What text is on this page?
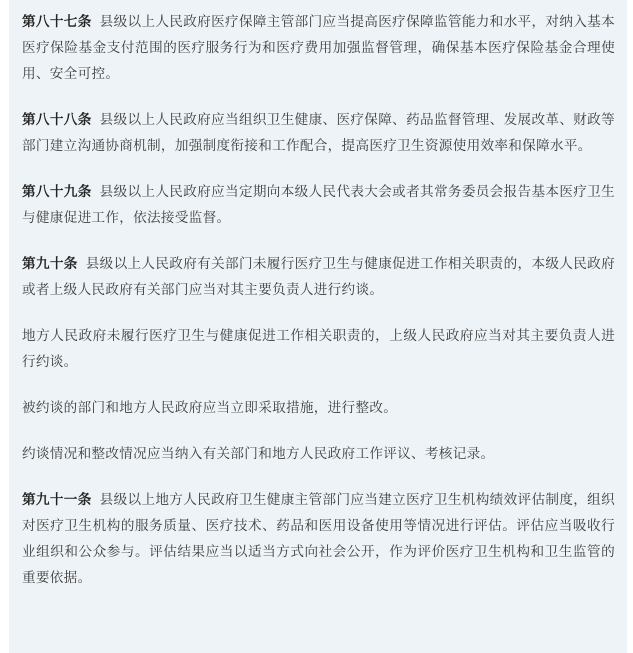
第八十七条 县级以上人民政府医疗保障主管部门应当提高医疗保障监管能力和水平，对纳入基本医疗保险基金支付范围的医疗服务行为和医疗费用加强监督管理，确保基本医疗保险基金合理使用、安全可控。

第八十八条 县级以上人民政府应当组织卫生健康、医疗保障、药品监督管理、发展改革、财政等部门建立沟通协商机制，加强制度衔接和工作配合，提高医疗卫生资源使用效率和保障水平。

第八十九条 县级以上人民政府应当定期向本级人民代表大会或者其常务委员会报告基本医疗卫生与健康促进工作，依法接受监督。

第九十条 县级以上人民政府有关部门未履行医疗卫生与健康促进工作相关职责的，本级人民政府或者上级人民政府有关部门应当对其主要负责人进行约谈。

地方人民政府未履行医疗卫生与健康促进工作相关职责的，上级人民政府应当对其主要负责人进行约谈。

被约谈的部门和地方人民政府应当立即采取措施，进行整改。

约谈情况和整改情况应当纳入有关部门和地方人民政府工作评议、考核记录。

第九十一条 县级以上地方人民政府卫生健康主管部门应当建立医疗卫生机构绩效评估制度，组织对医疗卫生机构的服务质量、医疗技术、药品和医用设备使用等情况进行评估。评估应当吸收行业组织和公众参与。评估结果应当以适当方式向社会公开，作为评价医疗卫生机构和卫生监管的重要依据。
